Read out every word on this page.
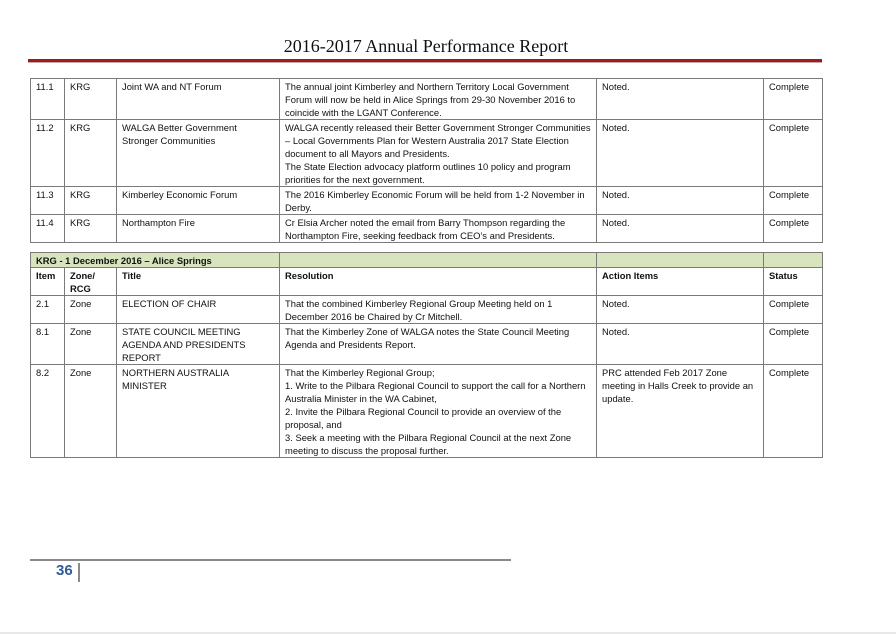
2016-2017 Annual Performance Report
11.1	KRG	Joint WA and NT Forum	The annual joint Kimberley and Northern Territory Local Government Forum will now be held in Alice Springs from 29-30 November 2016 to coincide with the LGANT Conference.	Noted.	Complete
11.2	KRG	WALGA Better Government Stronger Communities	WALGA recently released their Better Government Stronger Communities – Local Governments Plan for Western Australia 2017 State Election document to all Mayors and Presidents.
The State Election advocacy platform outlines 10 policy and program priorities for the next government.	Noted.	Complete
11.3	KRG	Kimberley Economic Forum	The 2016 Kimberley Economic Forum will be held from 1-2 November in Derby.	Noted.	Complete
11.4	KRG	Northampton Fire	Cr Elsia Archer noted the email from Barry Thompson regarding the Northampton Fire, seeking feedback from CEO’s and Presidents.	Noted.	Complete
KRG - 1 December 2016 – Alice Springs					
Item	Zone/ RCG	Title	Resolution	Action Items	Status
2.1	Zone	ELECTION OF CHAIR	That the combined Kimberley Regional Group Meeting held on 1 December 2016 be Chaired by Cr Mitchell.	Noted.	Complete
8.1	Zone	STATE COUNCIL MEETING AGENDA AND PRESIDENTS REPORT	That the Kimberley Zone of WALGA notes the State Council Meeting Agenda and Presidents Report.	Noted.	Complete
8.2	Zone	NORTHERN AUSTRALIA MINISTER	That the Kimberley Regional Group;
1. Write to the Pilbara Regional Council to support the call for a Northern Australia Minister in the WA Cabinet,
2. Invite the Pilbara Regional Council to provide an overview of the proposal, and
3. Seek a meeting with the Pilbara Regional Council at the next Zone meeting to discuss the proposal further.	PRC attended Feb 2017 Zone meeting in Halls Creek to provide an update.	Complete
36
